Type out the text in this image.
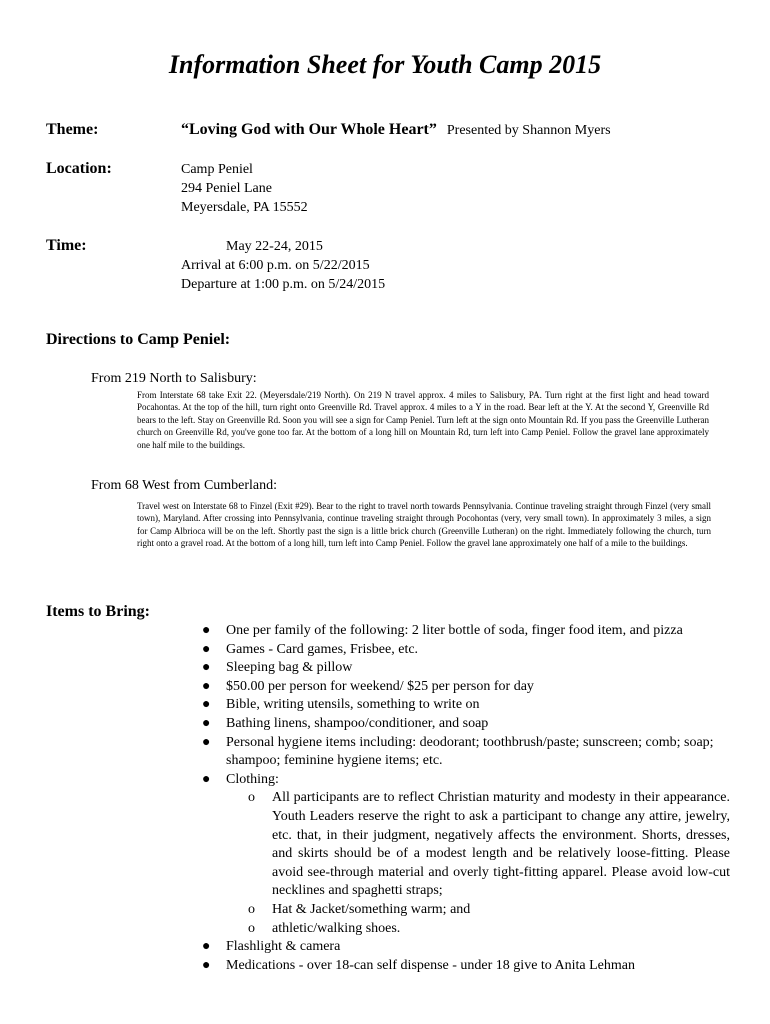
Information Sheet for Youth Camp 2015
Theme:	“Loving God with Our Whole Heart” Presented by Shannon Myers
Location:	Camp Peniel
294 Peniel Lane
Meyersdale, PA 15552
Time:	May 22-24, 2015
Arrival at 6:00 p.m. on 5/22/2015
Departure at 1:00 p.m. on 5/24/2015
Directions to Camp Peniel:
From 219 North to Salisbury:
From Interstate 68 take Exit 22. (Meyersdale/219 North). On 219 N travel approx. 4 miles to Salisbury, PA. Turn right at the first light and head toward Pocahontas. At the top of the hill, turn right onto Greenville Rd. Travel approx. 4 miles to a Y in the road. Bear left at the Y. At the second Y, Greenville Rd bears to the left. Stay on Greenville Rd. Soon you will see a sign for Camp Peniel. Turn left at the sign onto Mountain Rd. If you pass the Greenville Lutheran church on Greenville Rd, you've gone too far. At the bottom of a long hill on Mountain Rd, turn left into Camp Peniel. Follow the gravel lane approximately one half mile to the buildings.
From 68 West from Cumberland:
Travel west on Interstate 68 to Finzel (Exit #29). Bear to the right to travel north towards Pennsylvania. Continue traveling straight through Finzel (very small town), Maryland. After crossing into Pennsylvania, continue traveling straight through Pocohontas (very, very small town). In approximately 3 miles, a sign for Camp Albrioca will be on the left. Shortly past the sign is a little brick church (Greenville Lutheran) on the right. Immediately following the church, turn right onto a gravel road. At the bottom of a long hill, turn left into Camp Peniel. Follow the gravel lane approximately one half of a mile to the buildings.
Items to Bring:
● One per family of the following: 2 liter bottle of soda, finger food item, and pizza
● Games - Card games, Frisbee, etc.
● Sleeping bag & pillow
● $50.00 per person for weekend/ $25 per person for day
● Bible, writing utensils, something to write on
● Bathing linens, shampoo/conditioner, and soap
● Personal hygiene items including: deodorant; toothbrush/paste; sunscreen; comb; soap; shampoo; feminine hygiene items; etc.
● Clothing:
o All participants are to reflect Christian maturity and modesty in their appearance. Youth Leaders reserve the right to ask a participant to change any attire, jewelry, etc. that, in their judgment, negatively affects the environment. Shorts, dresses, and skirts should be of a modest length and be relatively loose-fitting. Please avoid see-through material and overly tight-fitting apparel. Please avoid low-cut necklines and spaghetti straps;
o Hat & Jacket/something warm; and
o athletic/walking shoes.
● Flashlight & camera
● Medications - over 18-can self dispense - under 18 give to Anita Lehman
